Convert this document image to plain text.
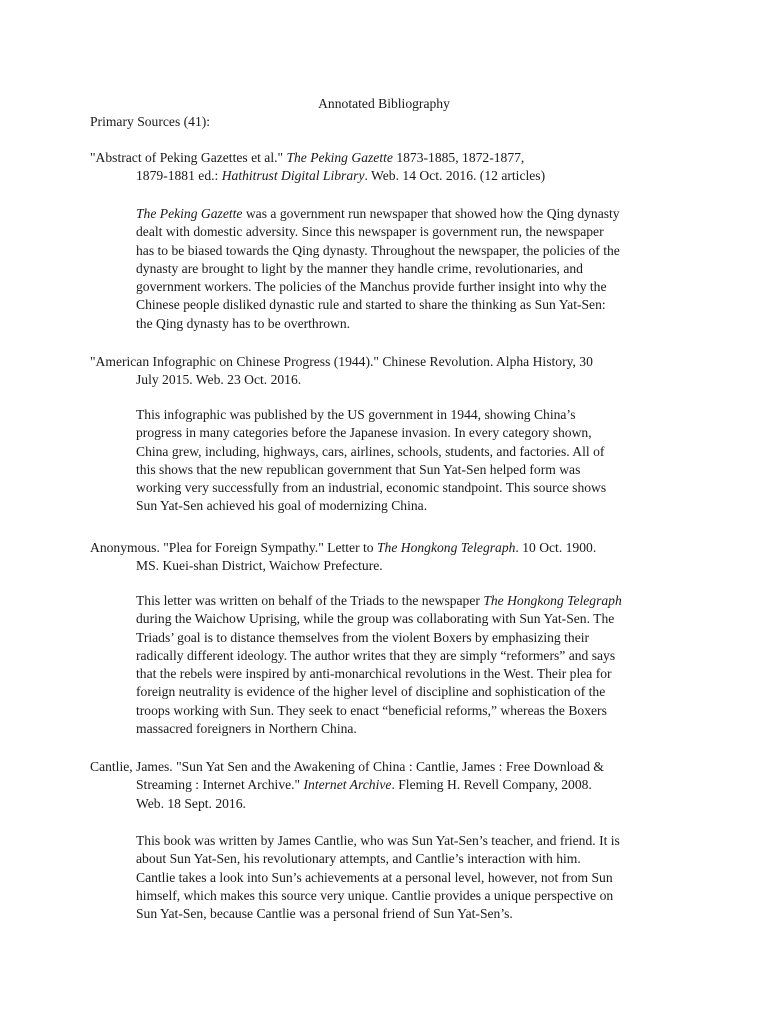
Annotated Bibliography
Primary Sources (41):
"Abstract of Peking Gazettes et al." The Peking Gazette 1873-1885, 1872-1877,
1879-1881 ed.: Hathitrust Digital Library. Web. 14 Oct. 2016. (12 articles)
The Peking Gazette was a government run newspaper that showed how the Qing dynasty
dealt with domestic adversity. Since this newspaper is government run, the newspaper
has to be biased towards the Qing dynasty. Throughout the newspaper, the policies of the
dynasty are brought to light by the manner they handle crime, revolutionaries, and
government workers. The policies of the Manchus provide further insight into why the
Chinese people disliked dynastic rule and started to share the thinking as Sun Yat-Sen:
the Qing dynasty has to be overthrown.
"American Infographic on Chinese Progress (1944)." Chinese Revolution. Alpha History, 30
July 2015. Web. 23 Oct. 2016.
This infographic was published by the US government in 1944, showing China’s
progress in many categories before the Japanese invasion. In every category shown,
China grew, including, highways, cars, airlines, schools, students, and factories. All of
this shows that the new republican government that Sun Yat-Sen helped form was
working very successfully from an industrial, economic standpoint. This source shows
Sun Yat-Sen achieved his goal of modernizing China.
Anonymous. "Plea for Foreign Sympathy." Letter to The Hongkong Telegraph. 10 Oct. 1900.
MS. Kuei-shan District, Waichow Prefecture.
This letter was written on behalf of the Triads to the newspaper The Hongkong Telegraph
during the Waichow Uprising, while the group was collaborating with Sun Yat-Sen. The
Triads’ goal is to distance themselves from the violent Boxers by emphasizing their
radically different ideology. The author writes that they are simply “reformers” and says
that the rebels were inspired by anti-monarchical revolutions in the West. Their plea for
foreign neutrality is evidence of the higher level of discipline and sophistication of the
troops working with Sun. They seek to enact “beneficial reforms,” whereas the Boxers
massacred foreigners in Northern China.
Cantlie, James. "Sun Yat Sen and the Awakening of China : Cantlie, James : Free Download &
Streaming : Internet Archive." Internet Archive. Fleming H. Revell Company, 2008.
Web. 18 Sept. 2016.
This book was written by James Cantlie, who was Sun Yat-Sen’s teacher, and friend. It is
about Sun Yat-Sen, his revolutionary attempts, and Cantlie’s interaction with him.
Cantlie takes a look into Sun’s achievements at a personal level, however, not from Sun
himself, which makes this source very unique. Cantlie provides a unique perspective on
Sun Yat-Sen, because Cantlie was a personal friend of Sun Yat-Sen’s.
